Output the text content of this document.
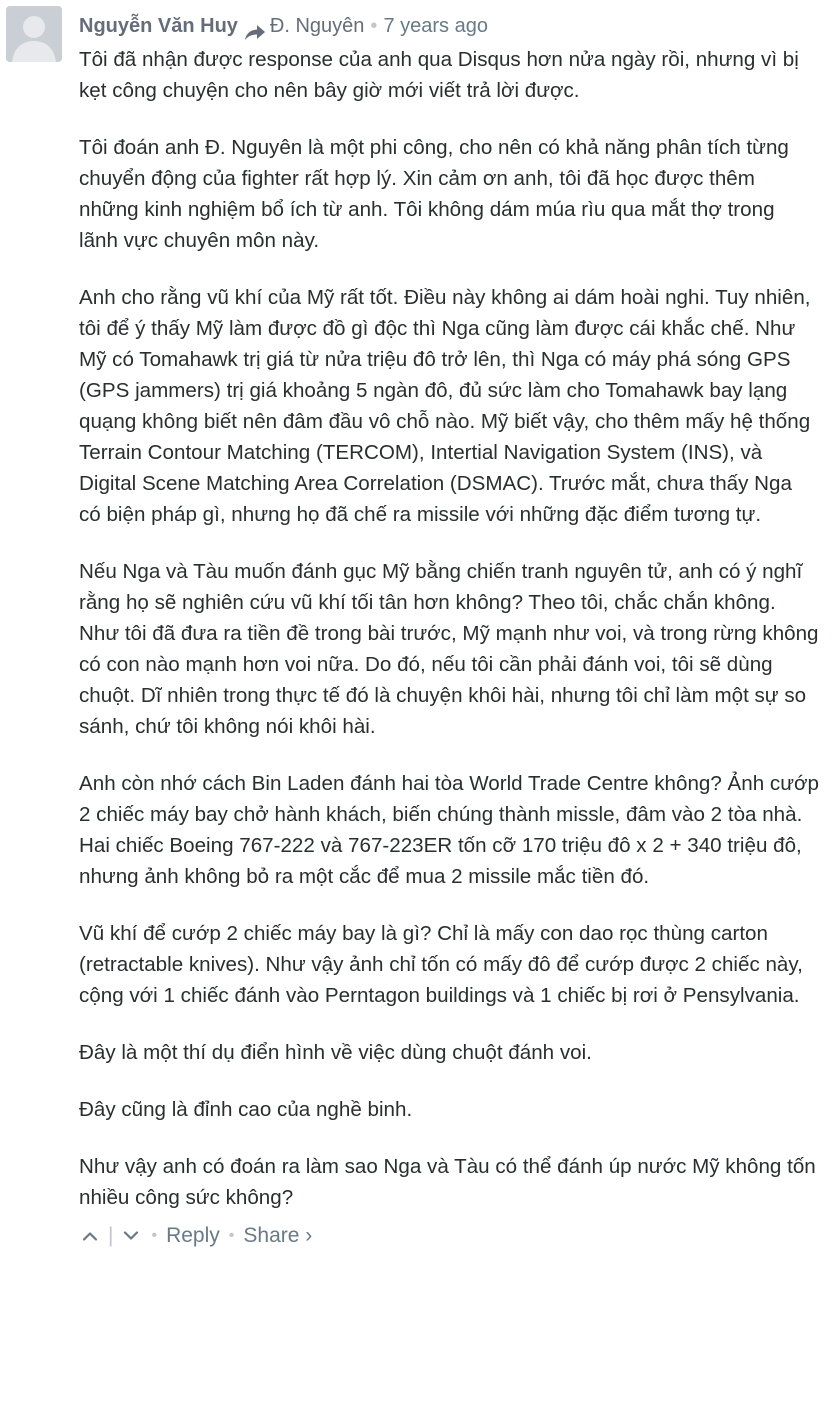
Nguyễn Văn Huy Đ. Nguyên • 7 years ago

Tôi đã nhận được response của anh qua Disqus hơn nửa ngày rồi, nhưng vì bị kẹt công chuyện cho nên bây giờ mới viết trả lời được.

Tôi đoán anh Đ. Nguyên là một phi công, cho nên có khả năng phân tích từng chuyển động của fighter rất hợp lý. Xin cảm ơn anh, tôi đã học được thêm những kinh nghiệm bổ ích từ anh. Tôi không dám múa rìu qua mắt thợ trong lãnh vực chuyên môn này.

Anh cho rằng vũ khí của Mỹ rất tốt. Điều này không ai dám hoài nghi. Tuy nhiên, tôi để ý thấy Mỹ làm được đồ gì độc thì Nga cũng làm được cái khắc chế. Như Mỹ có Tomahawk trị giá từ nửa triệu đô trở lên, thì Nga có máy phá sóng GPS (GPS jammers) trị giá khoảng 5 ngàn đô, đủ sức làm cho Tomahawk bay lạng quạng không biết nên đâm đầu vô chỗ nào. Mỹ biết vậy, cho thêm mấy hệ thống Terrain Contour Matching (TERCOM), Intertial Navigation System (INS), và Digital Scene Matching Area Correlation (DSMAC). Trước mắt, chưa thấy Nga có biện pháp gì, nhưng họ đã chế ra missile với những đặc điểm tương tự.

Nếu Nga và Tàu muốn đánh gục Mỹ bằng chiến tranh nguyên tử, anh có ý nghĩ rằng họ sẽ nghiên cứu vũ khí tối tân hơn không? Theo tôi, chắc chắn không. Như tôi đã đưa ra tiền đề trong bài trước, Mỹ mạnh như voi, và trong rừng không có con nào mạnh hơn voi nữa. Do đó, nếu tôi cần phải đánh voi, tôi sẽ dùng chuột. Dĩ nhiên trong thực tế đó là chuyện khôi hài, nhưng tôi chỉ làm một sự so sánh, chứ tôi không nói khôi hài.

Anh còn nhớ cách Bin Laden đánh hai tòa World Trade Centre không? Ảnh cướp 2 chiếc máy bay chở hành khách, biến chúng thành missle, đâm vào 2 tòa nhà. Hai chiếc Boeing 767-222 và 767-223ER tốn cỡ 170 triệu đô x 2 + 340 triệu đô, nhưng ảnh không bỏ ra một cắc để mua 2 missile mắc tiền đó.

Vũ khí để cướp 2 chiếc máy bay là gì? Chỉ là mấy con dao rọc thùng carton (retractable knives). Như vậy ảnh chỉ tốn có mấy đô để cướp được 2 chiếc này, cộng với 1 chiếc đánh vào Perntagon buildings và 1 chiếc bị rơi ở Pensylvania.

Đây là một thí dụ điển hình về việc dùng chuột đánh voi.

Đây cũng là đỉnh cao của nghề binh.

Như vậy anh có đoán ra làm sao Nga và Tàu có thể đánh úp nước Mỹ không tốn nhiều công sức không?

| • Reply • Share ›
